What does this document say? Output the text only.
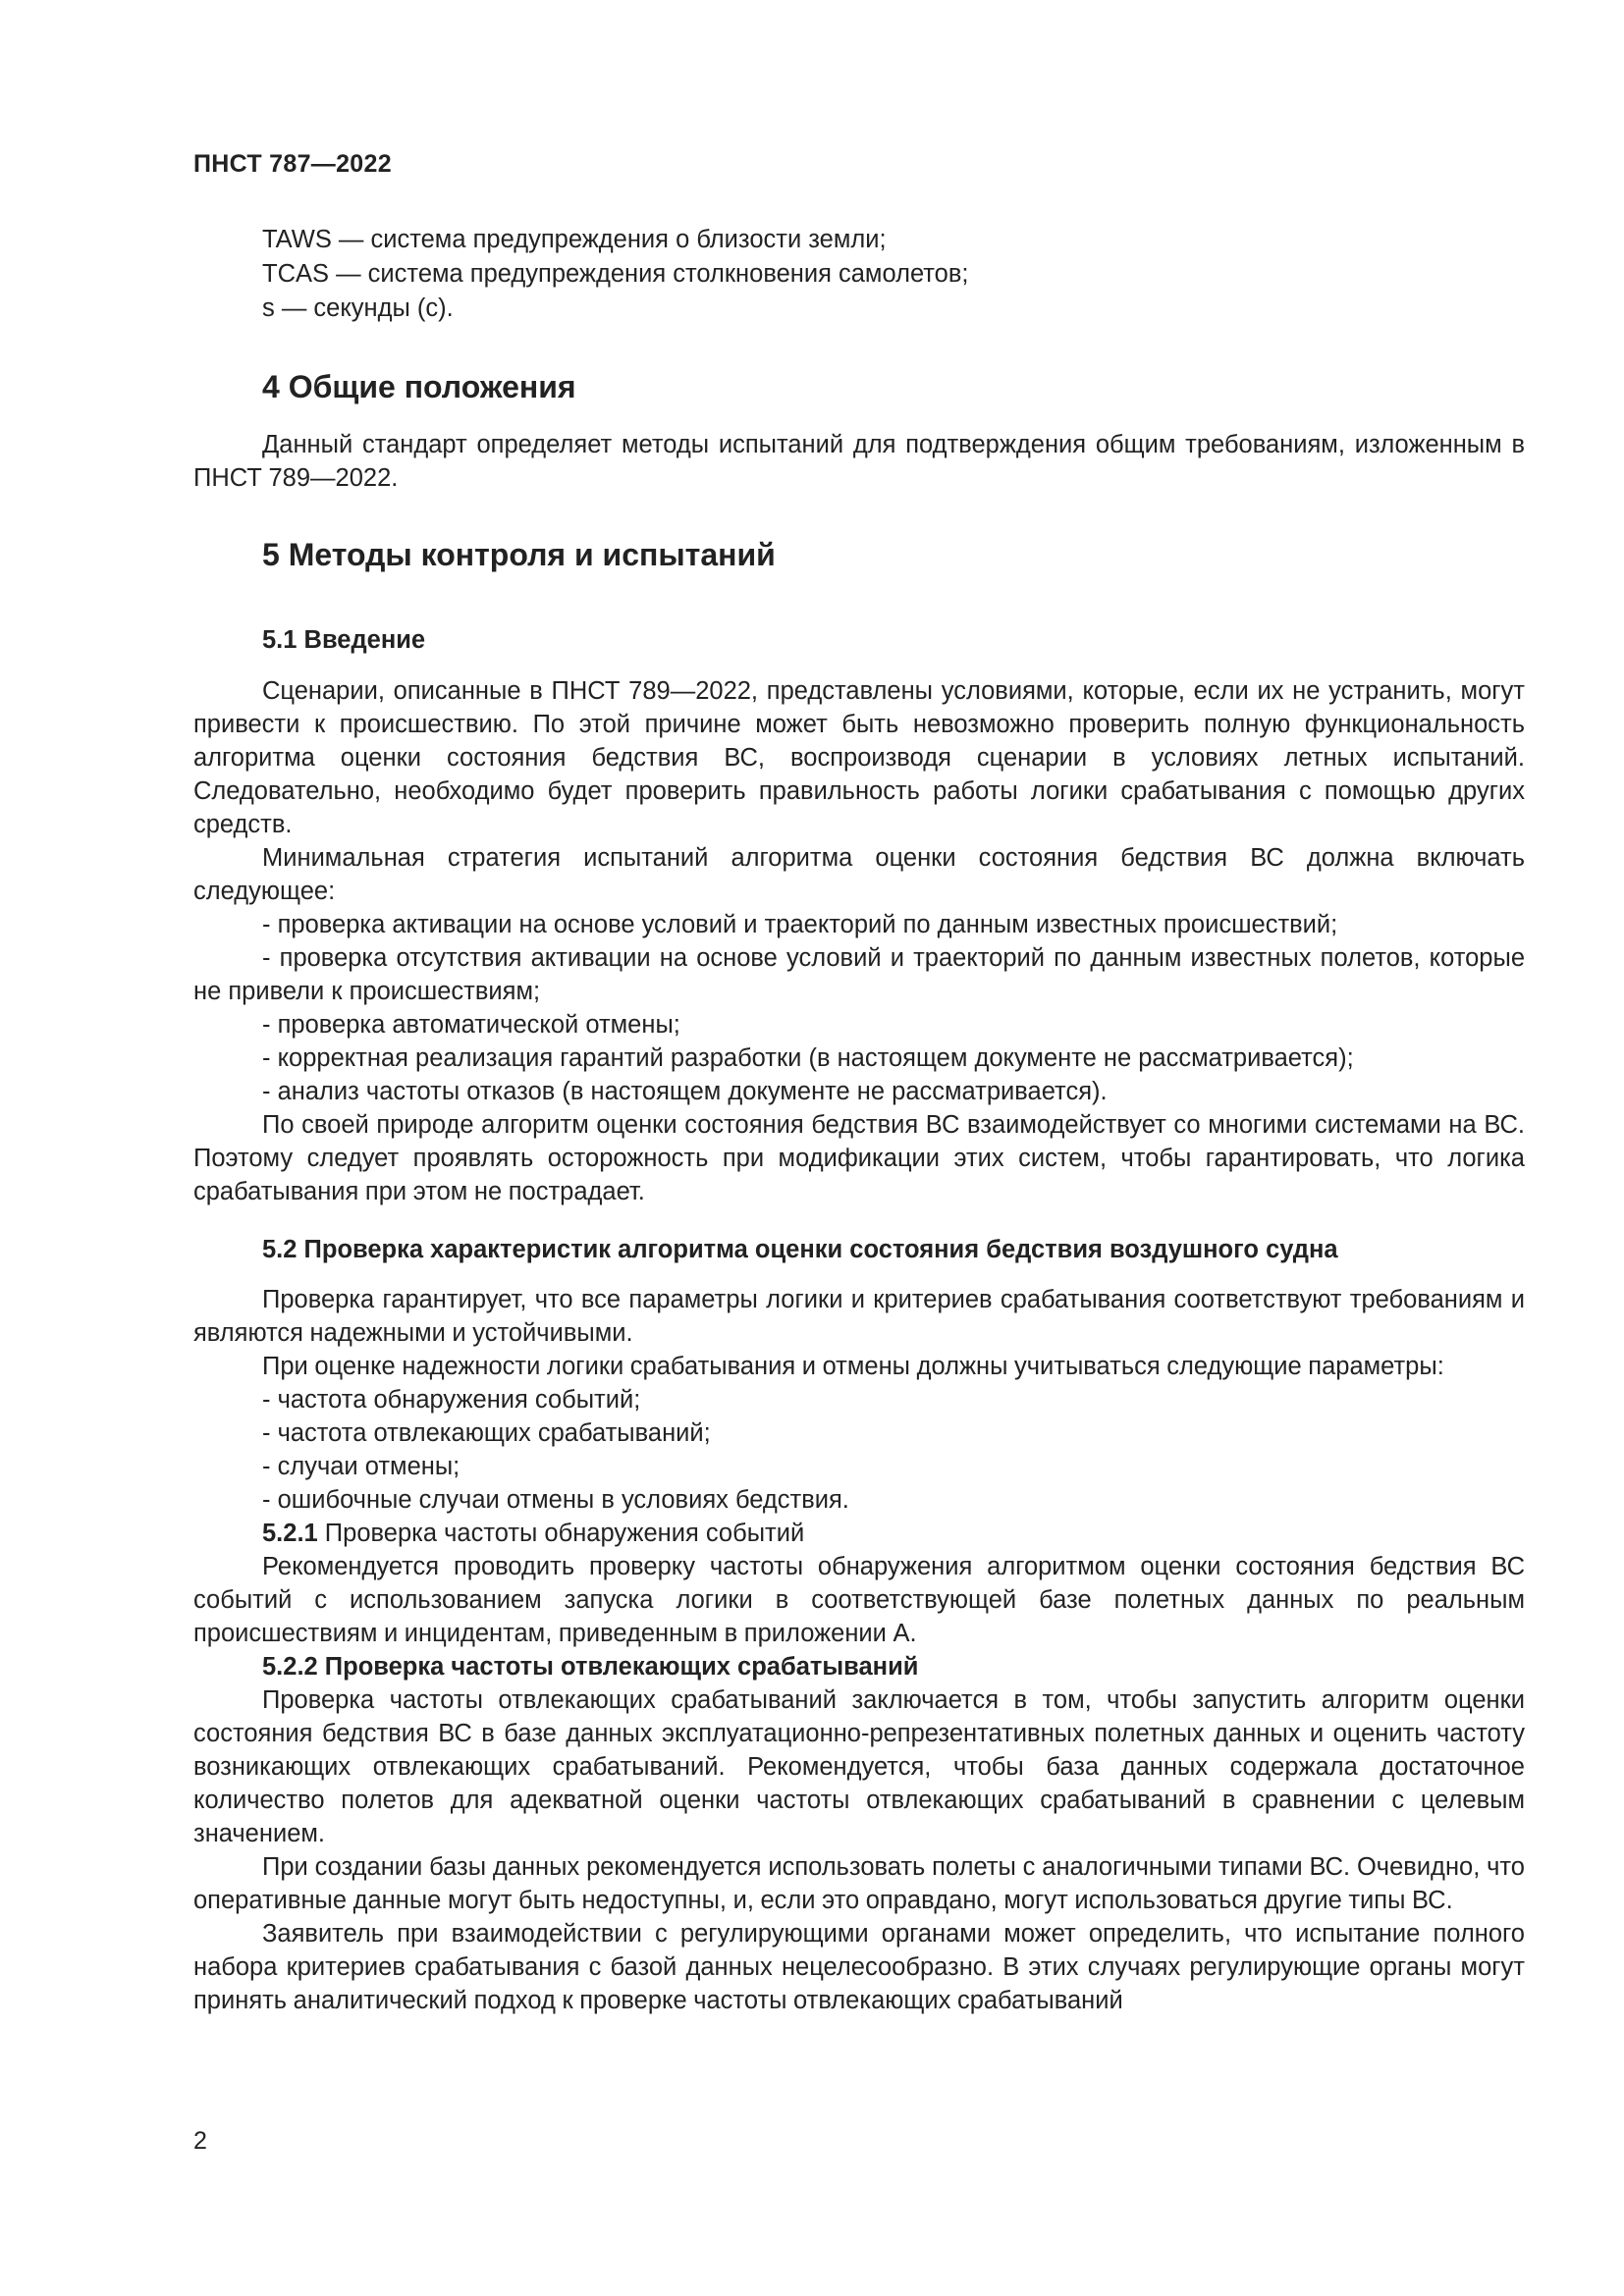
ПНСТ 787—2022
TAWS — система предупреждения о близости земли;
TCAS — система предупреждения столкновения самолетов;
s — секунды (с).
4 Общие положения

Данный стандарт определяет методы испытаний для подтверждения общим требованиям, изложенным в ПНСТ 789—2022.

5 Методы контроля и испытаний
5.1 Введение

Сценарии, описанные в ПНСТ 789—2022, представлены условиями, которые, если их не устранить, могут привести к происшествию. По этой причине может быть невозможно проверить полную функциональность алгоритма оценки состояния бедствия ВС, воспроизводя сценарии в условиях летных испытаний. Следовательно, необходимо будет проверить правильность работы логики срабатывания с помощью других средств.

Минимальная стратегия испытаний алгоритма оценки состояния бедствия ВС должна включать следующее:

- проверка активации на основе условий и траекторий по данным известных происшествий;

- проверка отсутствия активации на основе условий и траекторий по данным известных полетов, которые не привели к происшествиям;

- проверка автоматической отмены;

- корректная реализация гарантий разработки (в настоящем документе не рассматривается);

- анализ частоты отказов (в настоящем документе не рассматривается).

По своей природе алгоритм оценки состояния бедствия ВС взаимодействует со многими системами на ВС. Поэтому следует проявлять осторожность при модификации этих систем, чтобы гарантировать, что логика срабатывания при этом не пострадает.

5.2 Проверка характеристик алгоритма оценки состояния бедствия воздушного судна

Проверка гарантирует, что все параметры логики и критериев срабатывания соответствуют требованиям и являются надежными и устойчивыми.

При оценке надежности логики срабатывания и отмены должны учитываться следующие параметры:

- частота обнаружения событий;

- частота отвлекающих срабатываний;

- случаи отмены;

- ошибочные случаи отмены в условиях бедствия.

5.2.1 Проверка частоты обнаружения событий

Рекомендуется проводить проверку частоты обнаружения алгоритмом оценки состояния бедствия ВС событий с использованием запуска логики в соответствующей базе полетных данных по реальным происшествиям и инцидентам, приведенным в приложении А.

5.2.2 Проверка частоты отвлекающих срабатываний

Проверка частоты отвлекающих срабатываний заключается в том, чтобы запустить алгоритм оценки состояния бедствия ВС в базе данных эксплуатационно-репрезентативных полетных данных и оценить частоту возникающих отвлекающих срабатываний. Рекомендуется, чтобы база данных содержала достаточное количество полетов для адекватной оценки частоты отвлекающих срабатываний в сравнении с целевым значением.

При создании базы данных рекомендуется использовать полеты с аналогичными типами ВС. Очевидно, что оперативные данные могут быть недоступны, и, если это оправдано, могут использоваться другие типы ВС.

Заявитель при взаимодействии с регулирующими органами может определить, что испытание полного набора критериев срабатывания с базой данных нецелесообразно. В этих случаях регулирующие органы могут принять аналитический подход к проверке частоты отвлекающих срабатываний

2
